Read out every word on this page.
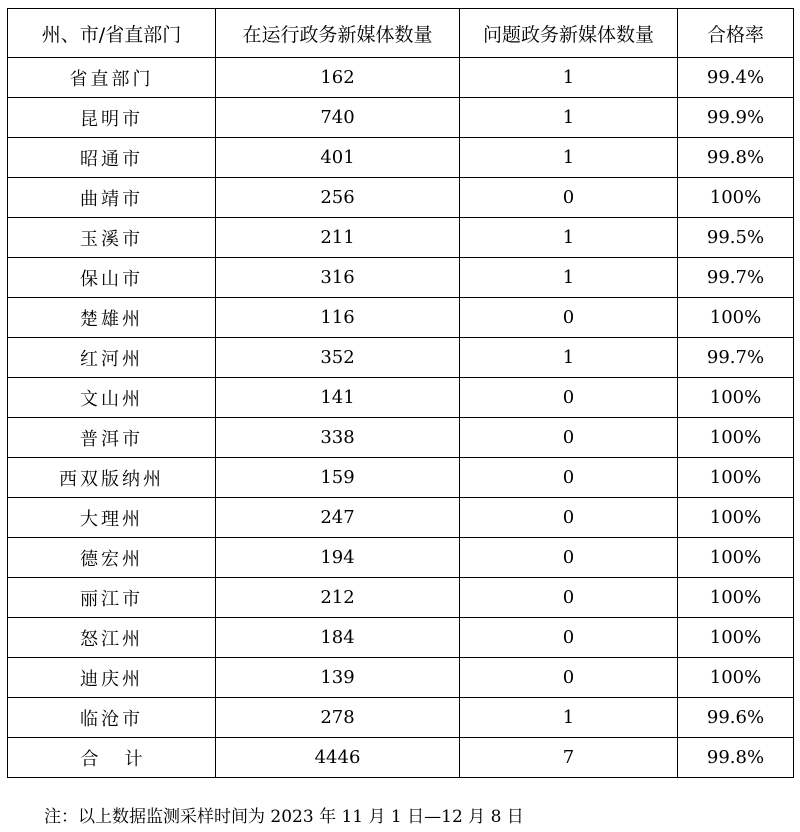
州、市/省直部门	在运行政务新媒体数量	问题政务新媒体数量	合格率
省直部门	162	1	99.4%
昆明市	740	1	99.9%
昭通市	401	1	99.8%
曲靖市	256	0	100%
玉溪市	211	1	99.5%
保山市	316	1	99.7%
楚雄州	116	0	100%
红河州	352	1	99.7%
文山州	141	0	100%
普洱市	338	0	100%
西双版纳州	159	0	100%
大理州	247	0	100%
德宏州	194	0	100%
丽江市	212	0	100%
怒江州	184	0	100%
迪庆州	139	0	100%
临沧市	278	1	99.6%
合计	4446	7	99.8%
注：以上数据监测采样时间为 2023 年 11 月 1 日—12 月 8 日
